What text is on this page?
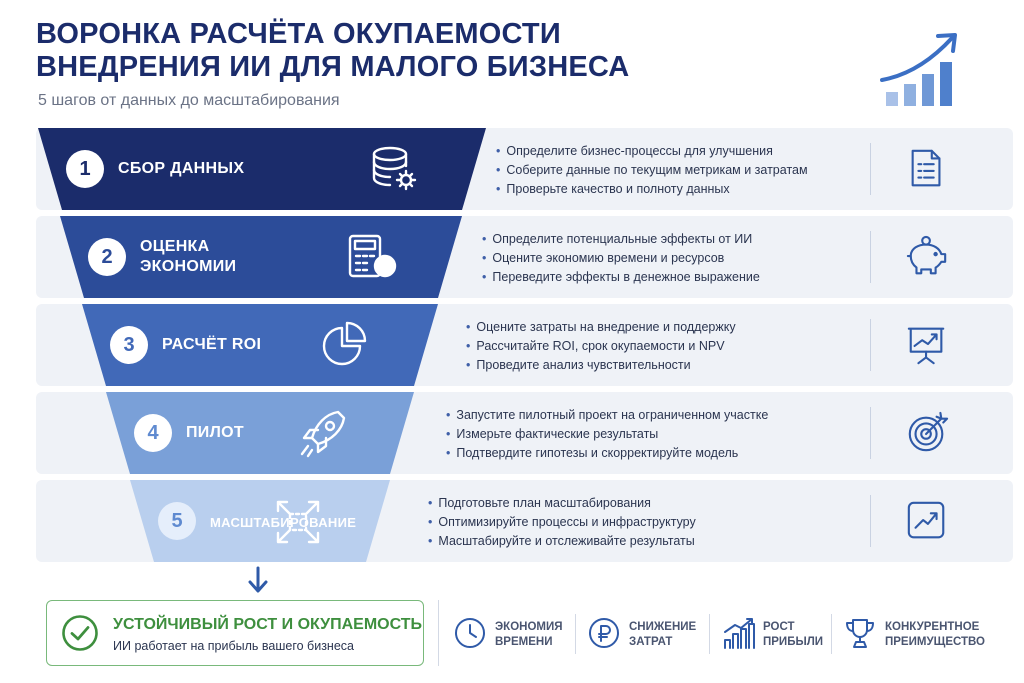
ВОРОНКА РАСЧЁТА ОКУПАЕМОСТИ
ВНЕДРЕНИЯ ИИ ДЛЯ МАЛОГО БИЗНЕСА
5 шагов от данных до масштабирования
1	СБОР ДАННЫХ
• Определите бизнес-процессы для улучшения
• Соберите данные по текущим метрикам и затратам
• Проверьте качество и полноту данных
2	ОЦЕНКА
ЭКОНОМИИ
• Определите потенциальные эффекты от ИИ
• Оцените экономию времени и ресурсов
• Переведите эффекты в денежное выражение
3	РАСЧЁТ ROI
• Оцените затраты на внедрение и поддержку
• Рассчитайте ROI, срок окупаемости и NPV
• Проведите анализ чувствительности
4	ПИЛОТ
• Запустите пилотный проект на ограниченном участке
• Измерьте фактические результаты
• Подтвердите гипотезы и скорректируйте модель
5	МАСШТАБИРОВАНИЕ
• Подготовьте план масштабирования
• Оптимизируйте процессы и инфраструктуру
• Масштабируйте и отслеживайте результаты
УСТОЙЧИВЫЙ РОСТ И ОКУПАЕМОСТЬ
ИИ работает на прибыль вашего бизнеса
ЭКОНОМИЯ
ВРЕМЕНИ
СНИЖЕНИЕ
ЗАТРАТ
РОСТ
ПРИБЫЛИ
КОНКУРЕНТНОЕ
ПРЕИМУЩЕСТВО
